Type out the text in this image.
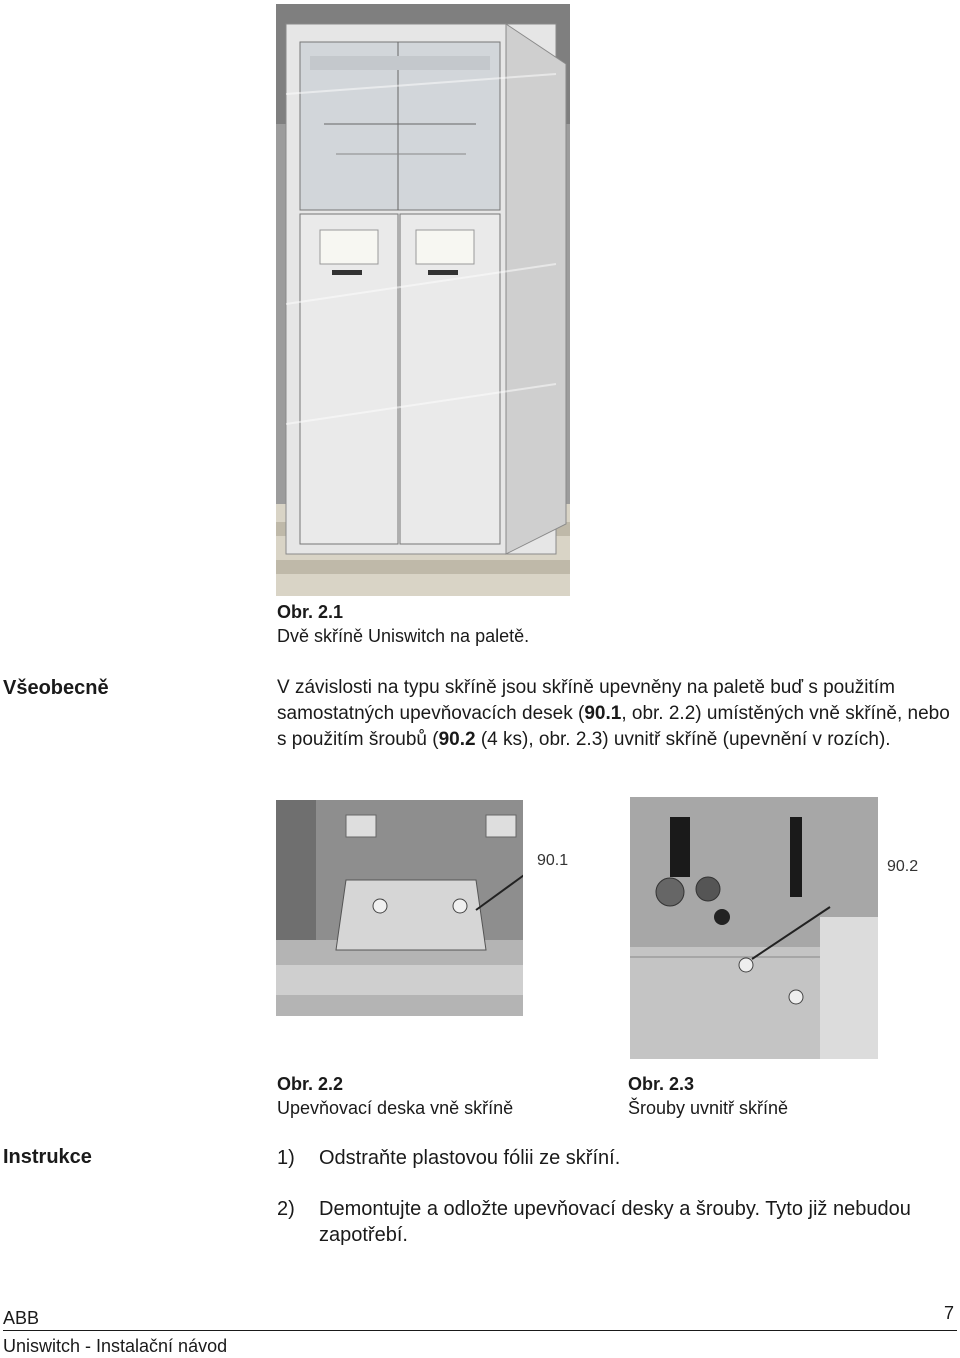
Obr. 2.1
Dvě skříně Uniswitch na paletě.
Všeobecně	V závislosti na typu skříně jsou skříně upevněny na paletě buď s použitím samostatných upevňovacích desek (90.1, obr. 2.2) umístěných vně skříně, nebo s použitím šroubů (90.2 (4 ks), obr. 2.3) uvnitř skříně (upevnění v rozích).
90.1	90.2
Obr. 2.2
Upevňovací deska vně skříně
Obr. 2.3
Šrouby uvnitř skříně
Instrukce	1) Odstraňte plastovou fólii ze skříní.
2) Demontujte a odložte upevňovací desky a šrouby. Tyto již nebudou zapotřebí.
ABB	7
Uniswitch - Instalační návod
